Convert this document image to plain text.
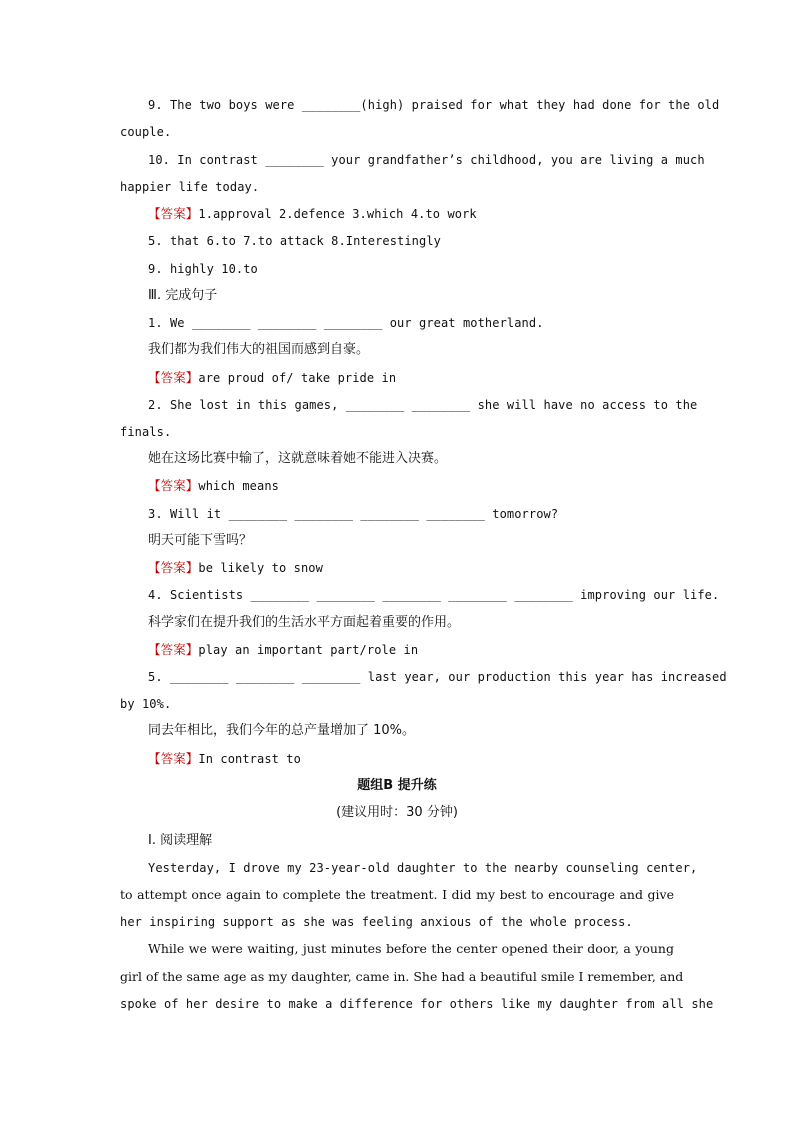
9. The two boys were ________(high) praised for what they had done for the old
couple.
10. In contrast ________ your grandfather’s childhood, you are living a much
happier life today.
【答案】1.approval 2.defence 3.which 4.to work
5. that 6.to 7.to attack 8.Interestingly
9. highly 10.to
Ⅲ. 完成句子
1. We ________ ________ ________ our great motherland.
我们都为我们伟大的祖国而感到自豪。
【答案】are proud of/ take pride in
2. She lost in this games, ________ ________ she will have no access to the
finals.
她在这场比赛中输了，这就意味着她不能进入决赛。
【答案】which means
3. Will it ________ ________ ________ ________ tomorrow?
明天可能下雪吗？
【答案】be likely to snow
4. Scientists ________ ________ ________ ________ ________ improving our life.
科学家们在提升我们的生活水平方面起着重要的作用。
【答案】play an important part/role in
5. ________ ________ ________ last year, our production this year has increased
by 10%.
同去年相比，我们今年的总产量增加了 10%。
【答案】In contrast to
题组B 提升练
(建议用时：30 分钟)
Ⅰ. 阅读理解
Yesterday, I drove my 23-year-old daughter to the nearby counseling center,
to attempt once again to complete the treatment. I did my best to encourage and give
her inspiring support as she was feeling anxious of the whole process.
While we were waiting, just minutes before the center opened their door, a young
girl of the same age as my daughter, came in. She had a beautiful smile I remember, and
spoke of her desire to make a difference for others like my daughter from all she
